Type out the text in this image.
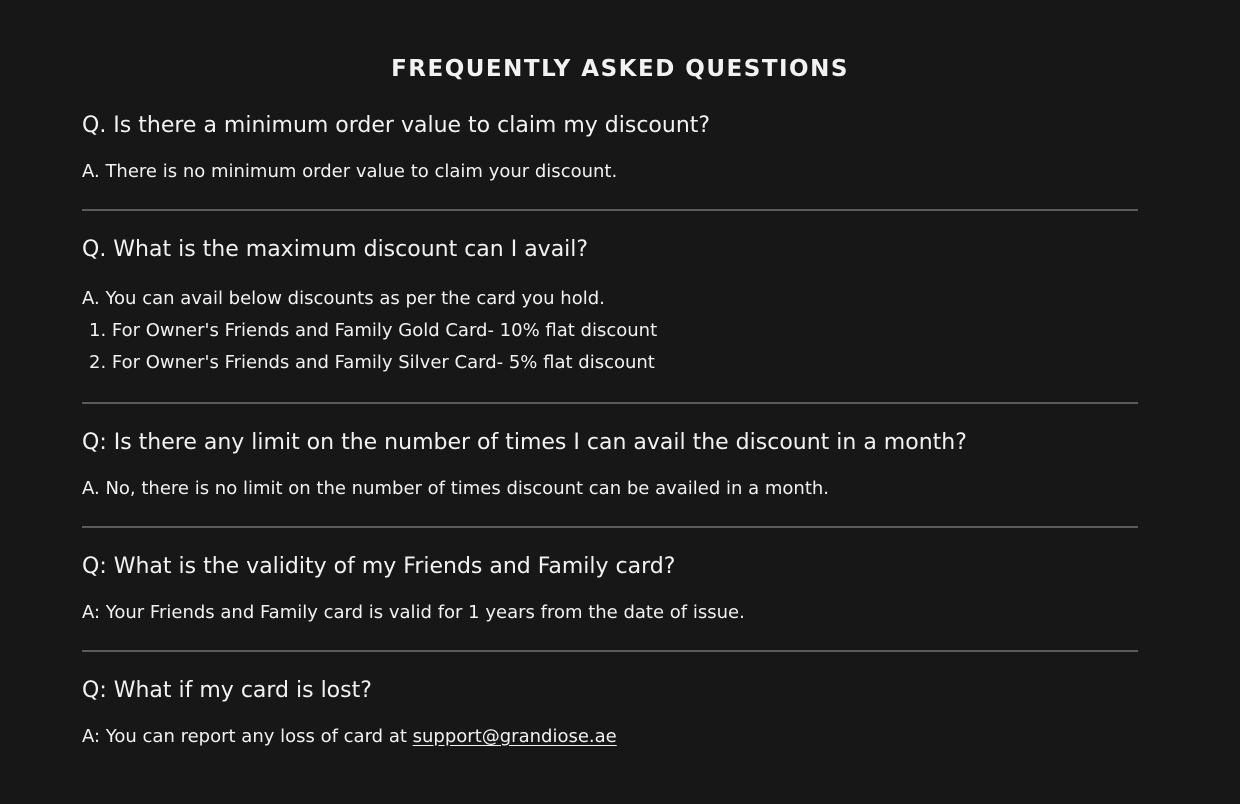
FREQUENTLY ASKED QUESTIONS
Q. Is there a minimum order value to claim my discount?

A. There is no minimum order value to claim your discount.

Q. What is the maximum discount can I avail?

A. You can avail below discounts as per the card you hold.

1. For Owner's Friends and Family Gold Card- 10% flat discount
2. For Owner's Friends and Family Silver Card- 5% flat discount
Q: Is there any limit on the number of times I can avail the discount in a month?

A. No, there is no limit on the number of times discount can be availed in a month.

Q: What is the validity of my Friends and Family card?

A: Your Friends and Family card is valid for 1 years from the date of issue.

Q: What if my card is lost?

A: You can report any loss of card at support@grandiose.ae
